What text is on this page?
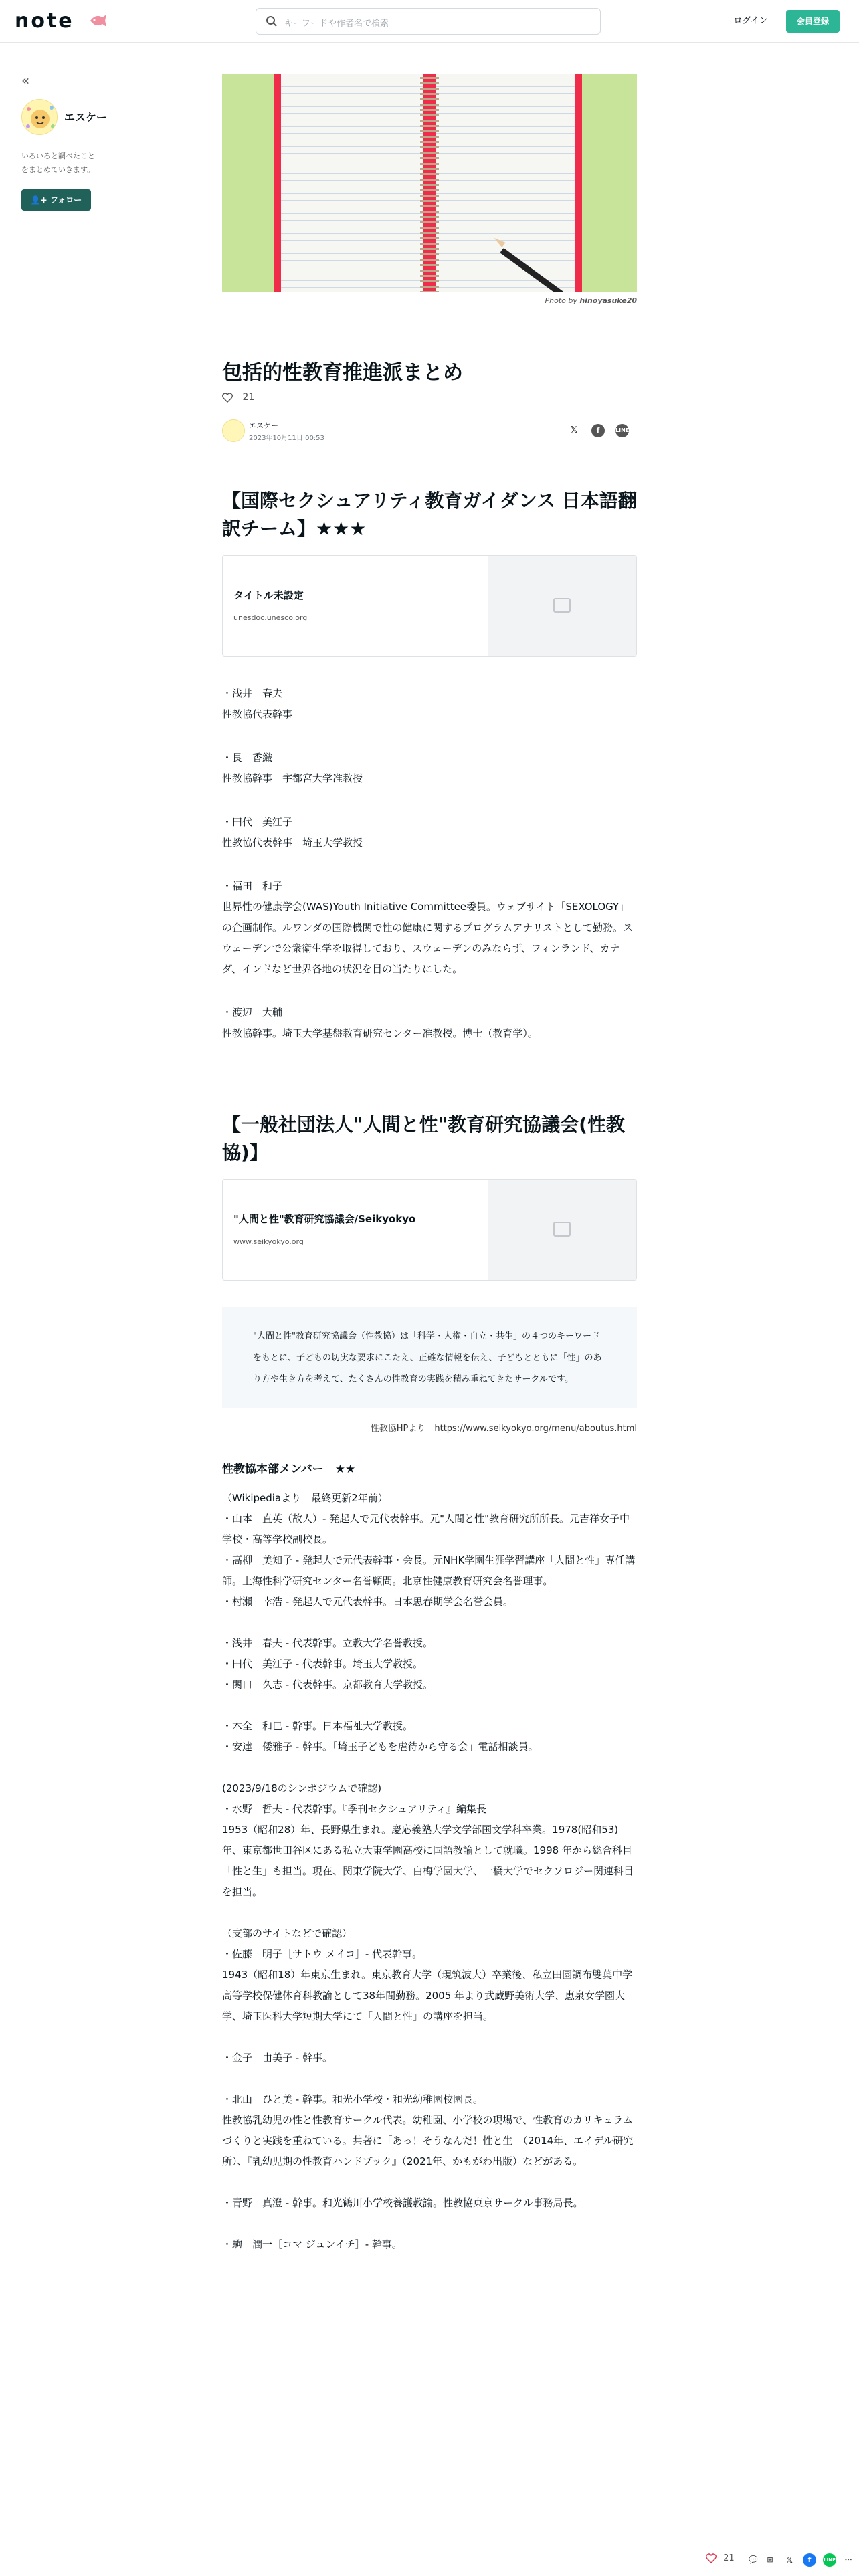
note	キーワードや作者名で検索	ログイン	会員登録
«
エスケー
いろいろと調べたことをまとめていきます。
👤+ フォロー
Photo by hinoyasuke20
包括的性教育推進派まとめ
21
エスケー
2023年10月11日 00:53
𝕏	f	LINE
【国際セクシュアリティ教育ガイダンス 日本語翻訳チーム】★★★
タイトル未設定
unesdoc.unesco.org
・浅井　春夫
性教協代表幹事
・艮　香織
性教協幹事　宇都宮大学准教授
・田代　美江子
性教協代表幹事　埼玉大学教授
・福田　和子
世界性の健康学会(WAS)Youth Initiative Committee委員。ウェブサイト「SEXOLOGY」の企画制作。ルワンダの国際機関で性の健康に関するプログラムアナリストとして勤務。スウェーデンで公衆衛生学を取得しており、スウェーデンのみならず、フィンランド、カナダ、インドなど世界各地の状況を目の当たりにした。
・渡辺　大輔
性教協幹事。埼玉大学基盤教育研究センター准教授。博士（教育学）。
【一般社団法人"人間と性"教育研究協議会(性教協)】
"人間と性"教育研究協議会/Seikyokyo
www.seikyokyo.org
"人間と性"教育研究協議会（性教協）は「科学・人権・自立・共生」の４つのキーワードをもとに、子どもの切実な要求にこたえ、正確な情報を伝え、子どもとともに「性」のあり方や生き方を考えて、たくさんの性教育の実践を積み重ねてきたサークルです。
性教協HPより　https://www.seikyokyo.org/menu/aboutus.html
性教協本部メンバー　★★
（Wikipediaより　最終更新2年前）
・山本　直英（故人）- 発起人で元代表幹事。元"人間と性"教育研究所所長。元吉祥女子中学校・高等学校副校長。
・高柳　美知子 - 発起人で元代表幹事・会長。元NHK学園生涯学習講座「人間と性」専任講師。上海性科学研究センター名誉顧問。北京性健康教育研究会名誉理事。
・村瀬　幸浩 - 発起人で元代表幹事。日本思春期学会名誉会員。
・浅井　春夫 - 代表幹事。立教大学名誉教授。
・田代　美江子 - 代表幹事。埼玉大学教授。
・関口　久志 - 代表幹事。京都教育大学教授。
・木全　和巳 - 幹事。日本福祉大学教授。
・安達　倭雅子 - 幹事。「埼玉子どもを虐待から守る会」電話相談員。
(2023/9/18のシンポジウムで確認)
・水野　哲夫 - 代表幹事。『季刊セクシュアリティ』編集長
1953（昭和28）年、長野県生まれ。慶応義塾大学文学部国文学科卒業。1978(昭和53) 年、東京都世田谷区にある私立大東学園高校に国語教諭として就職。1998 年から総合科目「性と生」も担当。現在、関東学院大学、白梅学園大学、一橋大学でセクソロジー関連科目を担当。
（支部のサイトなどで確認）
・佐藤　明子［サトウ メイコ］- 代表幹事。
1943（昭和18）年東京生まれ。東京教育大学（現筑波大）卒業後、私立田園調布雙葉中学高等学校保健体育科教諭として38年間勤務。2005 年より武蔵野美術大学、恵泉女学園大学、埼玉医科大学短期大学にて「人間と性」の講座を担当。
・金子　由美子 - 幹事。
・北山　ひと美 - 幹事。和光小学校・和光幼稚園校園長。
性教協乳幼児の性と性教育サークル代表。幼稚園、小学校の現場で、性教育のカリキュラムづくりと実践を重ねている。共著に「あっ！そうなんだ！性と生」（2014年、エイデル研究所）、『乳幼児期の性教育ハンドブック』（2021年、かもがわ出版）などがある。
・青野　真澄 - 幹事。和光鶴川小学校養護教諭。性教協東京サークル事務局長。
・駒　潤一［コマ ジュンイチ］- 幹事。
21 💬	⊞	𝕏	f	LINE	⋯
